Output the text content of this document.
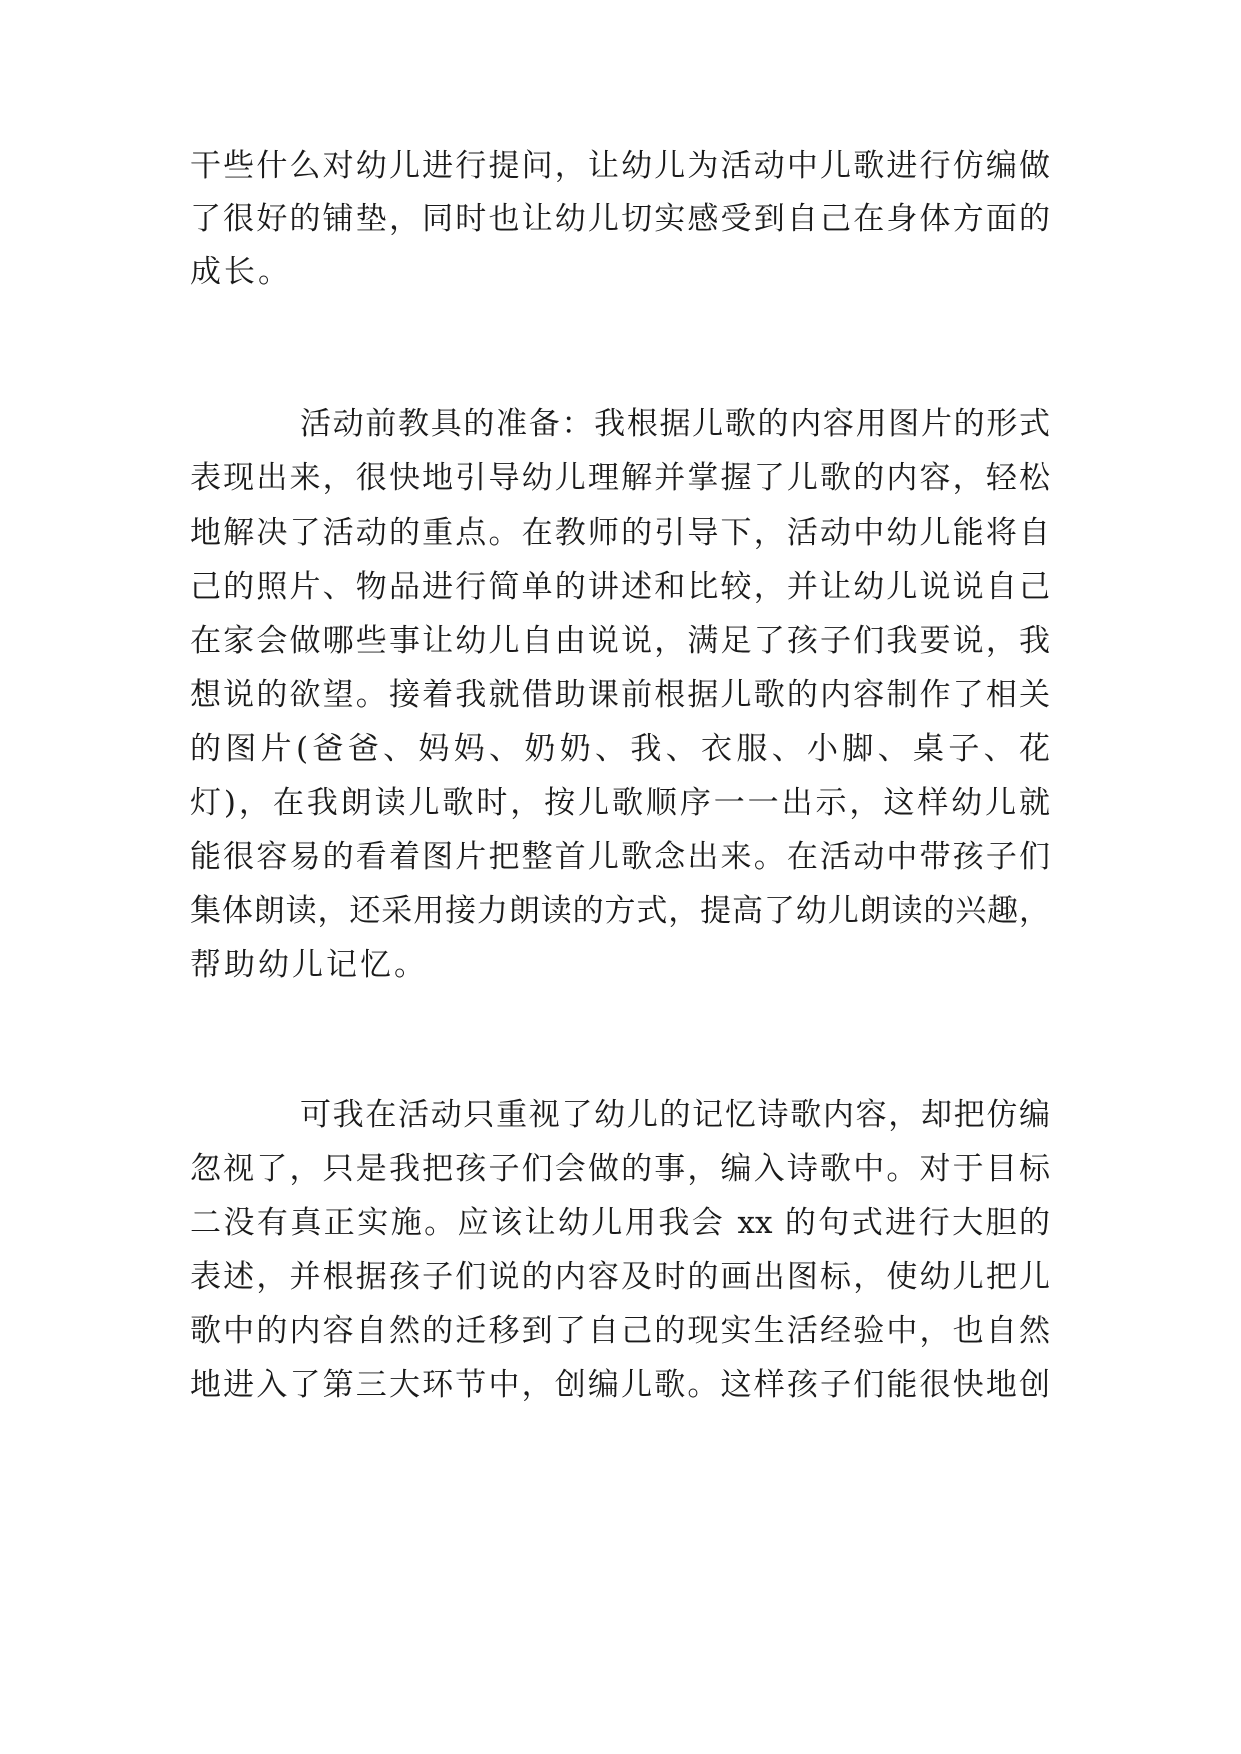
干些什么对幼儿进行提问，让幼儿为活动中儿歌进行仿编做
了很好的铺垫，同时也让幼儿切实感受到自己在身体方面的
成长。
活动前教具的准备：我根据儿歌的内容用图片的形式
表现出来，很快地引导幼儿理解并掌握了儿歌的内容，轻松
地解决了活动的重点。在教师的引导下，活动中幼儿能将自
己的照片、物品进行简单的讲述和比较，并让幼儿说说自己
在家会做哪些事让幼儿自由说说，满足了孩子们我要说，我
想说的欲望。接着我就借助课前根据儿歌的内容制作了相关
的图片(爸爸、妈妈、奶奶、我、衣服、小脚、桌子、花
灯)，在我朗读儿歌时，按儿歌顺序一一出示，这样幼儿就
能很容易的看着图片把整首儿歌念出来。在活动中带孩子们
集体朗读，还采用接力朗读的方式，提高了幼儿朗读的兴趣，
帮助幼儿记忆。
可我在活动只重视了幼儿的记忆诗歌内容，却把仿编
忽视了，只是我把孩子们会做的事，编入诗歌中。对于目标
二没有真正实施。应该让幼儿用我会 xx 的句式进行大胆的
表述，并根据孩子们说的内容及时的画出图标，使幼儿把儿
歌中的内容自然的迁移到了自己的现实生活经验中，也自然
地进入了第三大环节中，创编儿歌。这样孩子们能很快地创
